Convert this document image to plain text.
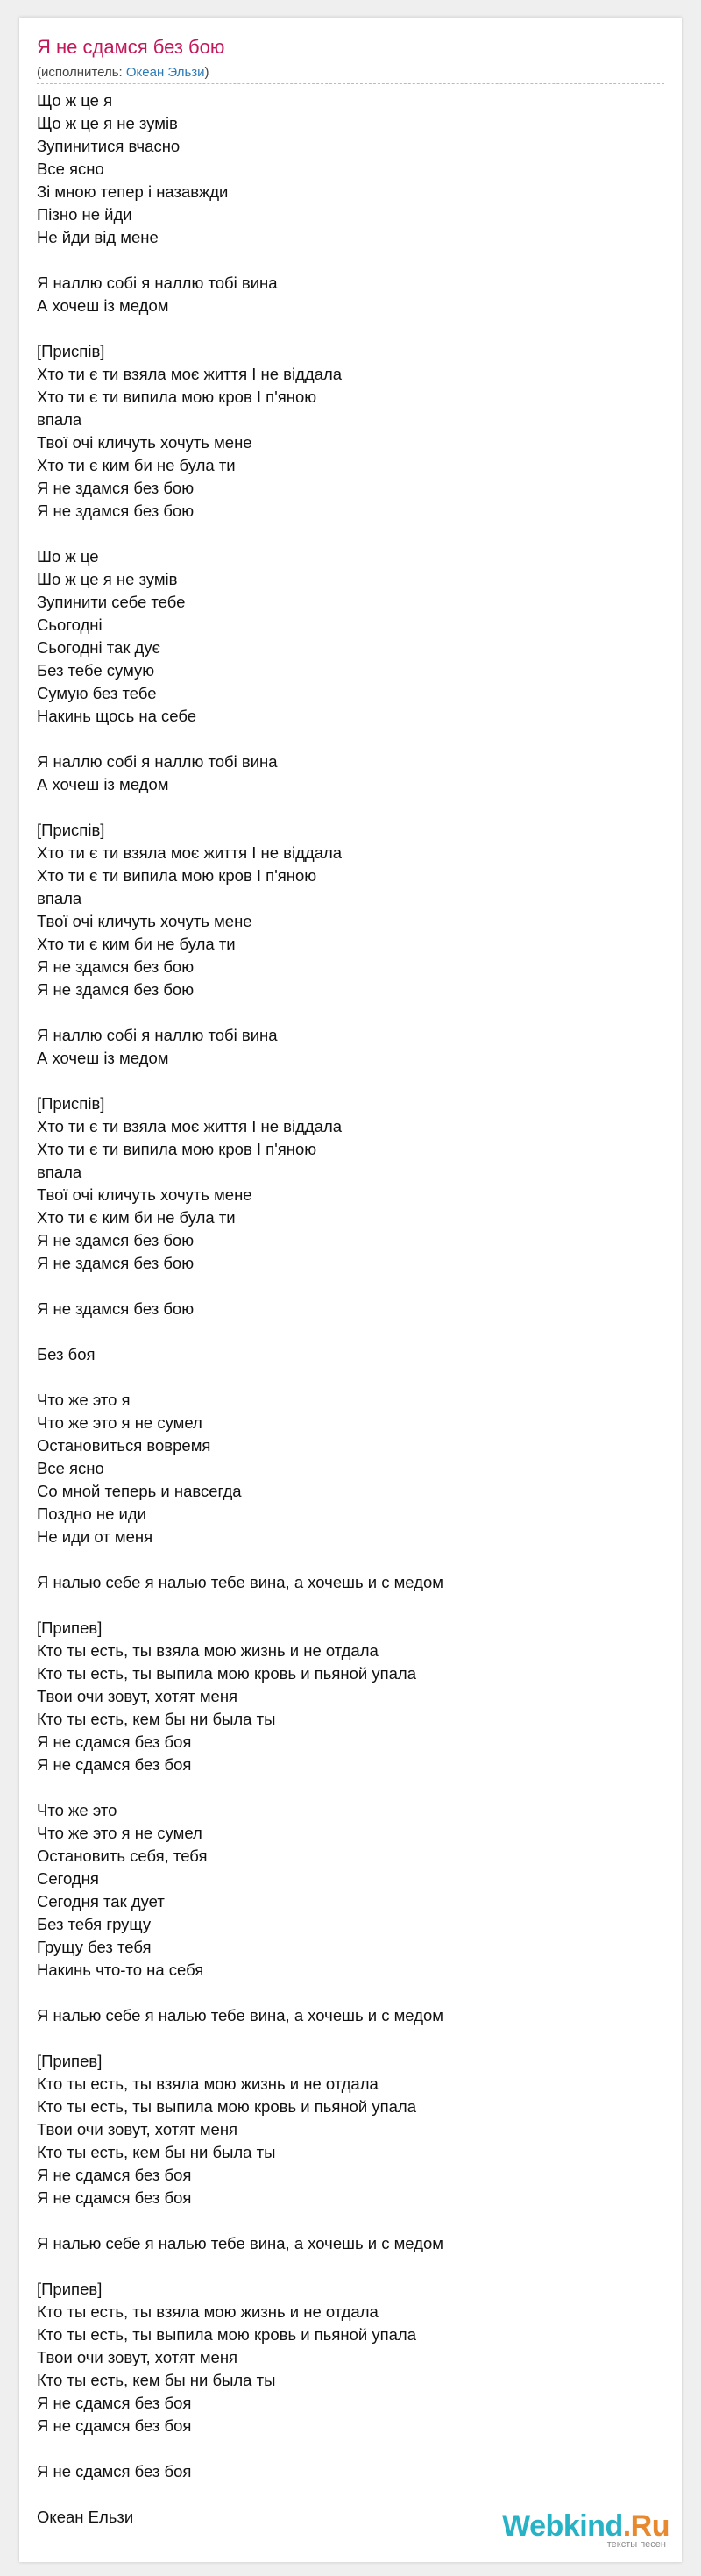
Я не сдамся без бою
(исполнитель: Океан Эльзи)
Що ж це я
Що ж це я не зумів
Зупинитися вчасно
Все ясно
Зі мною тепер і назавжди
Пізно не йди
Не йди від мене
Я наллю собі я наллю тобі вина
А хочеш із медом
[Приспів]
Хто ти є ти взяла моє життя І не віддала
Хто ти є ти випила мою кров І п'яною
впала
Твої очі кличуть хочуть мене
Хто ти є ким би не була ти
Я не здамся без бою
Я не здамся без бою
Шо ж це
Шо ж це я не зумів
Зупинити себе тебе
Сьогодні
Сьогодні так дує
Без тебе сумую
Сумую без тебе
Накинь щось на себе
Я наллю собі я наллю тобі вина
А хочеш із медом
[Приспів]
Хто ти є ти взяла моє життя І не віддала
Хто ти є ти випила мою кров І п'яною
впала
Твої очі кличуть хочуть мене
Хто ти є ким би не була ти
Я не здамся без бою
Я не здамся без бою
Я наллю собі я наллю тобі вина
А хочеш із медом
[Приспів]
Хто ти є ти взяла моє життя І не віддала
Хто ти є ти випила мою кров І п'яною
впала
Твої очі кличуть хочуть мене
Хто ти є ким би не була ти
Я не здамся без бою
Я не здамся без бою
Я не здамся без бою
Без боя
Что же это я
Что же это я не сумел
Остановиться вовремя
Все ясно
Со мной теперь и навсегда
Поздно не иди
Не иди от меня
Я налью себе я налью тебе вина, а хочешь и с медом
[Припев]
Кто ты есть, ты взяла мою жизнь и не отдала
Кто ты есть, ты выпила мою кровь и пьяной упала
Твои очи зовут, хотят меня
Кто ты есть, кем бы ни была ты
Я не сдамся без боя
Я не сдамся без боя
Что же это
Что же это я не сумел
Остановить себя, тебя
Сегодня
Сегодня так дует
Без тебя грущу
Грущу без тебя
Накинь что-то на себя
Я налью себе я налью тебе вина, а хочешь и с медом
[Припев]
Кто ты есть, ты взяла мою жизнь и не отдала
Кто ты есть, ты выпила мою кровь и пьяной упала
Твои очи зовут, хотят меня
Кто ты есть, кем бы ни была ты
Я не сдамся без боя
Я не сдамся без боя
Я налью себе я налью тебе вина, а хочешь и с медом
[Припев]
Кто ты есть, ты взяла мою жизнь и не отдала
Кто ты есть, ты выпила мою кровь и пьяной упала
Твои очи зовут, хотят меня
Кто ты есть, кем бы ни была ты
Я не сдамся без боя
Я не сдамся без боя
Я не сдамся без боя
Океан Ельзи	Webkind.Ru
тексты песен
